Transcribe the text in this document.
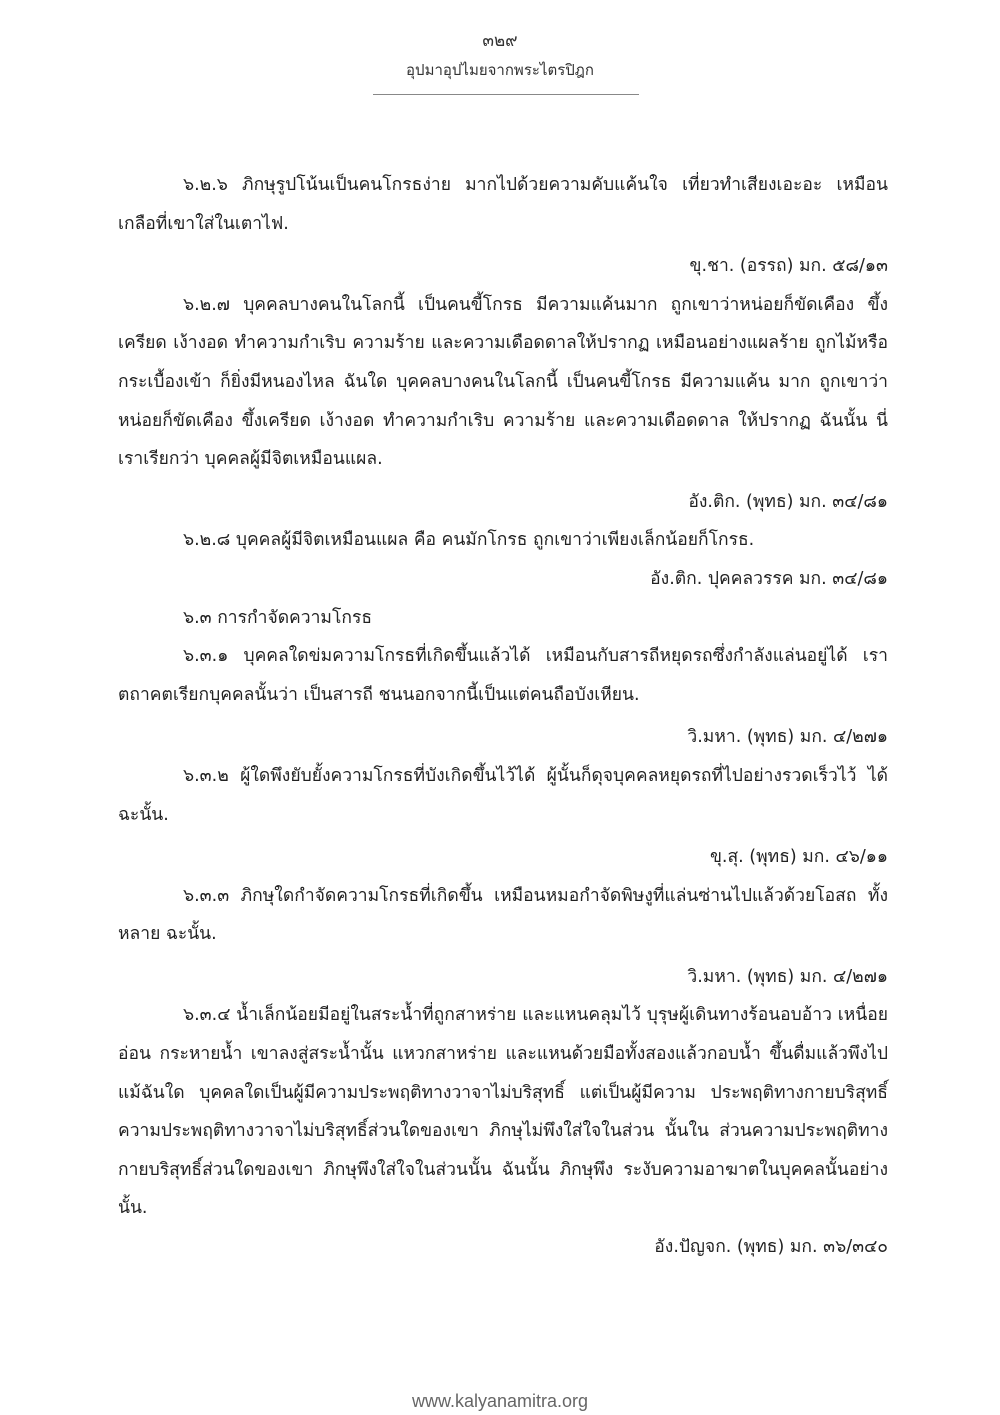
๓๒๙
อุปมาอุปไมยจากพระไตรปิฎก

๖.๒.๖ ภิกษุรูปโน้นเป็นคนโกรธง่าย มากไปด้วยความคับแค้นใจ เที่ยวทำเสียงเอะอะ เหมือนเกลือที่เขาใส่ในเตาไฟ.

ขุ.ชา. (อรรถ) มก. ๕๘/๑๓

๖.๒.๗ บุคคลบางคนในโลกนี้ เป็นคนขี้โกรธ มีความแค้นมาก ถูกเขาว่าหน่อยก็ขัดเคือง ขึ้งเครียด เง้างอด ทำความกำเริบ ความร้าย และความเดือดดาลให้ปรากฏ เหมือนอย่างแผลร้าย ถูกไม้หรือกระเบื้องเข้า ก็ยิ่งมีหนองไหล ฉันใด บุคคลบางคนในโลกนี้ เป็นคนขี้โกรธ มีความแค้น มาก ถูกเขาว่าหน่อยก็ขัดเคือง ขึ้งเครียด เง้างอด ทำความกำเริบ ความร้าย และความเดือดดาล ให้ปรากฏ ฉันนั้น นี่เราเรียกว่า บุคคลผู้มีจิตเหมือนแผล.

อัง.ติก. (พุทธ) มก. ๓๔/๘๑

๖.๒.๘ บุคคลผู้มีจิตเหมือนแผล คือ คนมักโกรธ ถูกเขาว่าเพียงเล็กน้อยก็โกรธ.

อัง.ติก. ปุคคลวรรค มก. ๓๔/๘๑

๖.๓ การกำจัดความโกรธ

๖.๓.๑ บุคคลใดข่มความโกรธที่เกิดขึ้นแล้วได้ เหมือนกับสารถีหยุดรถซึ่งกำลังแล่นอยู่ได้ เราตถาคตเรียกบุคคลนั้นว่า เป็นสารถี ชนนอกจากนี้เป็นแต่คนถือบังเหียน.

วิ.มหา. (พุทธ) มก. ๔/๒๗๑

๖.๓.๒ ผู้ใดพึงยับยั้งความโกรธที่บังเกิดขึ้นไว้ได้ ผู้นั้นก็ดุจบุคคลหยุดรถที่ไปอย่างรวดเร็วไว้ ได้ ฉะนั้น.

ขุ.สุ. (พุทธ) มก. ๔๖/๑๑

๖.๓.๓ ภิกษุใดกำจัดความโกรธที่เกิดขึ้น เหมือนหมอกำจัดพิษงูที่แล่นซ่านไปแล้วด้วยโอสถ ทั้งหลาย ฉะนั้น.

วิ.มหา. (พุทธ) มก. ๔/๒๗๑

๖.๓.๔ น้ำเล็กน้อยมีอยู่ในสระน้ำที่ถูกสาหร่าย และแหนคลุมไว้ บุรุษผู้เดินทางร้อนอบอ้าว เหนื่อยอ่อน กระหายน้ำ เขาลงสู่สระน้ำนั้น แหวกสาหร่าย และแหนด้วยมือทั้งสองแล้วกอบน้ำ ขึ้นดื่มแล้วพึงไป แม้ฉันใด บุคคลใดเป็นผู้มีความประพฤติทางวาจาไม่บริสุทธิ์ แต่เป็นผู้มีความ ประพฤติทางกายบริสุทธิ์ ความประพฤติทางวาจาไม่บริสุทธิ์ส่วนใดของเขา ภิกษุไม่พึงใส่ใจในส่วน นั้นใน ส่วนความประพฤติทางกายบริสุทธิ์ส่วนใดของเขา ภิกษุพึงใส่ใจในส่วนนั้น ฉันนั้น ภิกษุพึง ระงับความอาฆาตในบุคคลนั้นอย่างนั้น.

อัง.ปัญจก. (พุทธ) มก. ๓๖/๓๔๐

www.kalyanamitra.org
